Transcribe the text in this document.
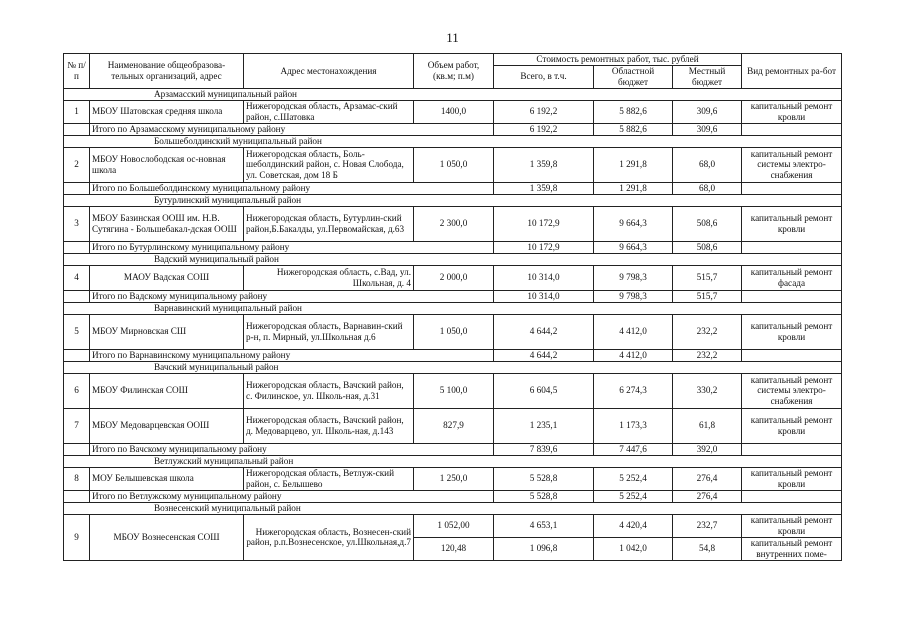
11
№ п/п	Наименование общеобразова-тельных организаций, адрес	Адрес местонахождения	Объем работ, (кв.м; п.м)	Стоимость ремонтных работ, тыс. рублей			Вид ремонтных ра-бот
				Всего, в т.ч.	Областной бюджет	Местный бюджет	
Арзамасский муниципальный район							
1	МБОУ Шатовская средняя школа	Нижегородская область, Арзамас-ский район, с.Шатовка	1400,0	6 192,2	5 882,6	309,6	капитальный ремонт кровли
	Итого по Арзамасскому муниципальному району			6 192,2	5 882,6	309,6	
Большеболдинский муниципальный район							
2	МБОУ Новослободская ос-новная школа	Нижегородская область, Боль-шеболдинский район, с. Новая Слобода, ул. Советская, дом 18 Б	1 050,0	1 359,8	1 291,8	68,0	капитальный ремонт системы электро-снабжения
	Итого по Большеболдинскому муниципальному району			1 359,8	1 291,8	68,0	
Бутурлинский муниципальный район							
3	МБОУ Базинская ООШ им. Н.В. Сутягина - Большебакал-дская ООШ	Нижегородская область, Бутурлин-ский район,Б.Бакалды, ул.Первомайская, д.63	2 300,0	10 172,9	9 664,3	508,6	капитальный ремонт кровли
	Итого по Бутурлинскому муниципальному району			10 172,9	9 664,3	508,6	
Вадский муниципальный район							
4	МАОУ Вадская СОШ	Нижегородская область, с.Вад, ул. Школьная, д. 4	2 000,0	10 314,0	9 798,3	515,7	капитальный ремонт фасада
	Итого по Вадскому муниципальному району			10 314,0	9 798,3	515,7	
Варнавинский муниципальный район							
5	МБОУ Мирновская СШ	Нижегородская область, Варнавин-ский р-н, п. Мирный, ул.Школьная д.6	1 050,0	4 644,2	4 412,0	232,2	капитальный ремонт кровли
	Итого по Варнавинскому муниципальному району			4 644,2	4 412,0	232,2	
Вачский муниципальный район							
6	МБОУ Филинская СОШ	Нижегородская область, Вачский район, с. Филинское, ул. Школь-ная, д.31	5 100,0	6 604,5	6 274,3	330,2	капитальный ремонт системы электро-снабжения
7	МБОУ Медоварцевская ООШ	Нижегородская область, Вачский район, д. Медоварцево, ул. Школь-ная, д.143	827,9	1 235,1	1 173,3	61,8	капитальный ремонт кровли
	Итого по Вачскому муниципальному району			7 839,6	7 447,6	392,0	
Ветлужский муниципальный район							
8	МОУ Белышевская школа	Нижегородская область, Ветлуж-ский район, с. Белышево	1 250,0	5 528,8	5 252,4	276,4	капитальный ремонт кровли
	Итого по Ветлужскому муниципальному району			5 528,8	5 252,4	276,4	
Вознесенский муниципальный район							
9	МБОУ Вознесенская СОШ	Нижегородская область, Вознесен-ский район, р.п.Вознесенское, ул.Школьная,д.7	1 052,00	4 653,1	4 420,4	232,7	капитальный ремонт кровли
			120,48	1 096,8	1 042,0	54,8	капитальный ремонт внутренних поме-
